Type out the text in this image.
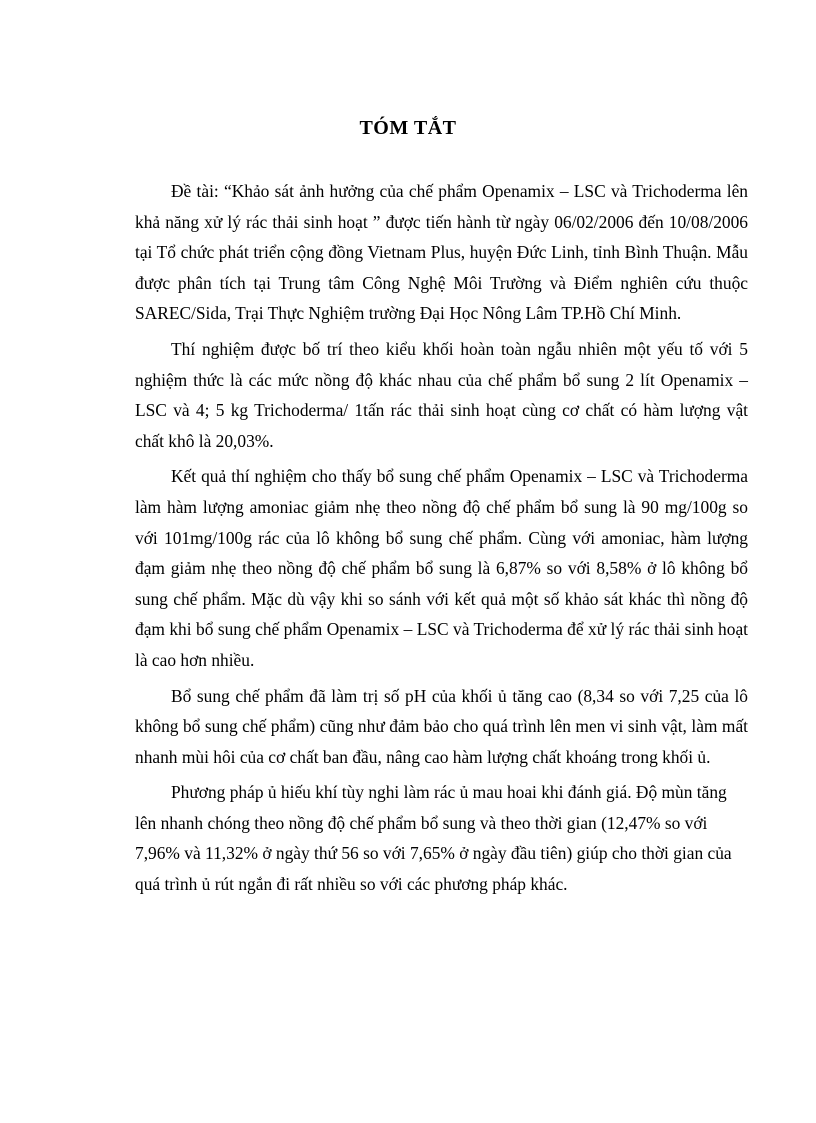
TÓM TẮT

Đề tài: “Khảo sát ảnh hưởng của chế phẩm Openamix – LSC và Trichoderma lên khả năng xử lý rác thải sinh hoạt ” được tiến hành từ ngày 06/02/2006 đến 10/08/2006 tại Tổ chức phát triển cộng đồng Vietnam Plus, huyện Đức Linh, tỉnh Bình Thuận. Mẫu được phân tích tại Trung tâm Công Nghệ Môi Trường và Điểm nghiên cứu thuộc SAREC/Sida, Trại Thực Nghiệm trường Đại Học Nông Lâm TP.Hồ Chí Minh.

Thí nghiệm được bố trí theo kiểu khối hoàn toàn ngẫu nhiên một yếu tố với 5 nghiệm thức là các mức nồng độ khác nhau của chế phẩm bổ sung 2 lít Openamix – LSC và 4; 5 kg Trichoderma/ 1tấn rác thải sinh hoạt cùng cơ chất có hàm lượng vật chất khô là 20,03%.

Kết quả thí nghiệm cho thấy bổ sung chế phẩm Openamix – LSC và Trichoderma làm hàm lượng amoniac giảm nhẹ theo nồng độ chế phẩm bổ sung là 90 mg/100g so với 101mg/100g rác của lô không bổ sung chế phẩm. Cùng với amoniac, hàm lượng đạm giảm nhẹ theo nồng độ chế phẩm bổ sung là 6,87% so với 8,58% ở lô không bổ sung chế phẩm. Mặc dù vậy khi so sánh với kết quả một số khảo sát khác thì nồng độ đạm khi bổ sung chế phẩm Openamix – LSC và Trichoderma để xử lý rác thải sinh hoạt là cao hơn nhiều.

Bổ sung chế phẩm đã làm trị số pH của khối ủ tăng cao (8,34 so với 7,25 của lô không bổ sung chế phẩm) cũng như đảm bảo cho quá trình lên men vi sinh vật, làm mất nhanh mùi hôi của cơ chất ban đầu, nâng cao hàm lượng chất khoáng trong khối ủ.

Phương pháp ủ hiếu khí tùy nghi làm rác ủ mau hoai khi đánh giá. Độ mùn tăng lên nhanh chóng theo nồng độ chế phẩm bổ sung và theo thời gian (12,47% so với 7,96% và 11,32% ở ngày thứ 56 so với 7,65% ở ngày đầu tiên) giúp cho thời gian của quá trình ủ rút ngắn đi rất nhiều so với các phương pháp khác.
